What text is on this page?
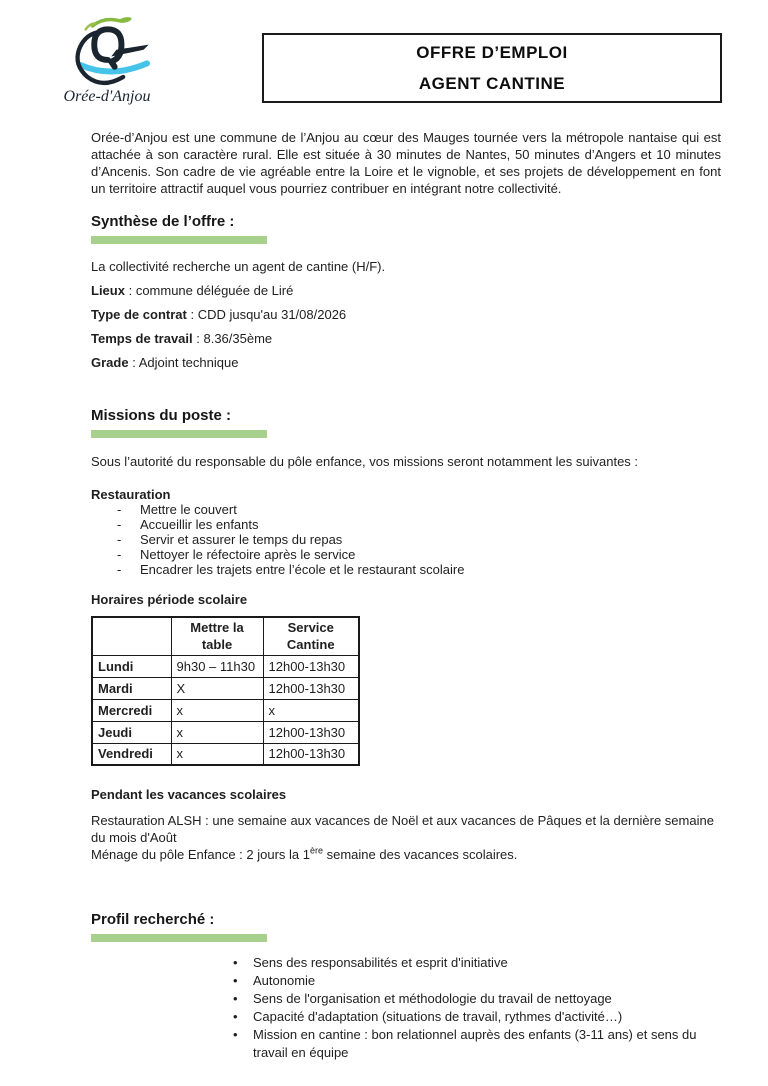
Orée-d'Anjou
OFFRE D’EMPLOI
AGENT CANTINE

Orée-d’Anjou est une commune de l’Anjou au cœur des Mauges tournée vers la métropole nantaise qui est attachée à son caractère rural. Elle est située à 30 minutes de Nantes, 50 minutes d’Angers et 10 minutes d’Ancenis. Son cadre de vie agréable entre la Loire et le vignoble, et ses projets de développement en font un territoire attractif auquel vous pourriez contribuer en intégrant notre collectivité.

Synthèse de l’offre :

La collectivité recherche un agent de cantine (H/F).

Lieux : commune déléguée de Liré

Type de contrat : CDD jusqu'au 31/08/2026

Temps de travail : 8.36/35ème

Grade : Adjoint technique

Missions du poste :

Sous l’autorité du responsable du pôle enfance, vos missions seront notamment les suivantes :

Restauration
- Mettre le couvert
- Accueillir les enfants
- Servir et assurer le temps du repas
- Nettoyer le réfectoire après le service
- Encadrer les trajets entre l’école et le restaurant scolaire
Horaires période scolaire
	Mettre la table	Service Cantine
Lundi	9h30 – 11h30	12h00-13h30
Mardi	X	12h00-13h30
Mercredi	x	x
Jeudi	x	12h00-13h30
Vendredi	x	12h00-13h30
Pendant les vacances scolaires

Restauration ALSH : une semaine aux vacances de Noël et aux vacances de Pâques et la dernière semaine du mois d'Août
Ménage du pôle Enfance : 2 jours la 1ère semaine des vacances scolaires.

Profil recherché :
• Sens des responsabilités et esprit d'initiative
• Autonomie
• Sens de l'organisation et méthodologie du travail de nettoyage
• Capacité d'adaptation (situations de travail, rythmes d'activité…)
• Mission en cantine : bon relationnel auprès des enfants (3-11 ans) et sens du travail en équipe
